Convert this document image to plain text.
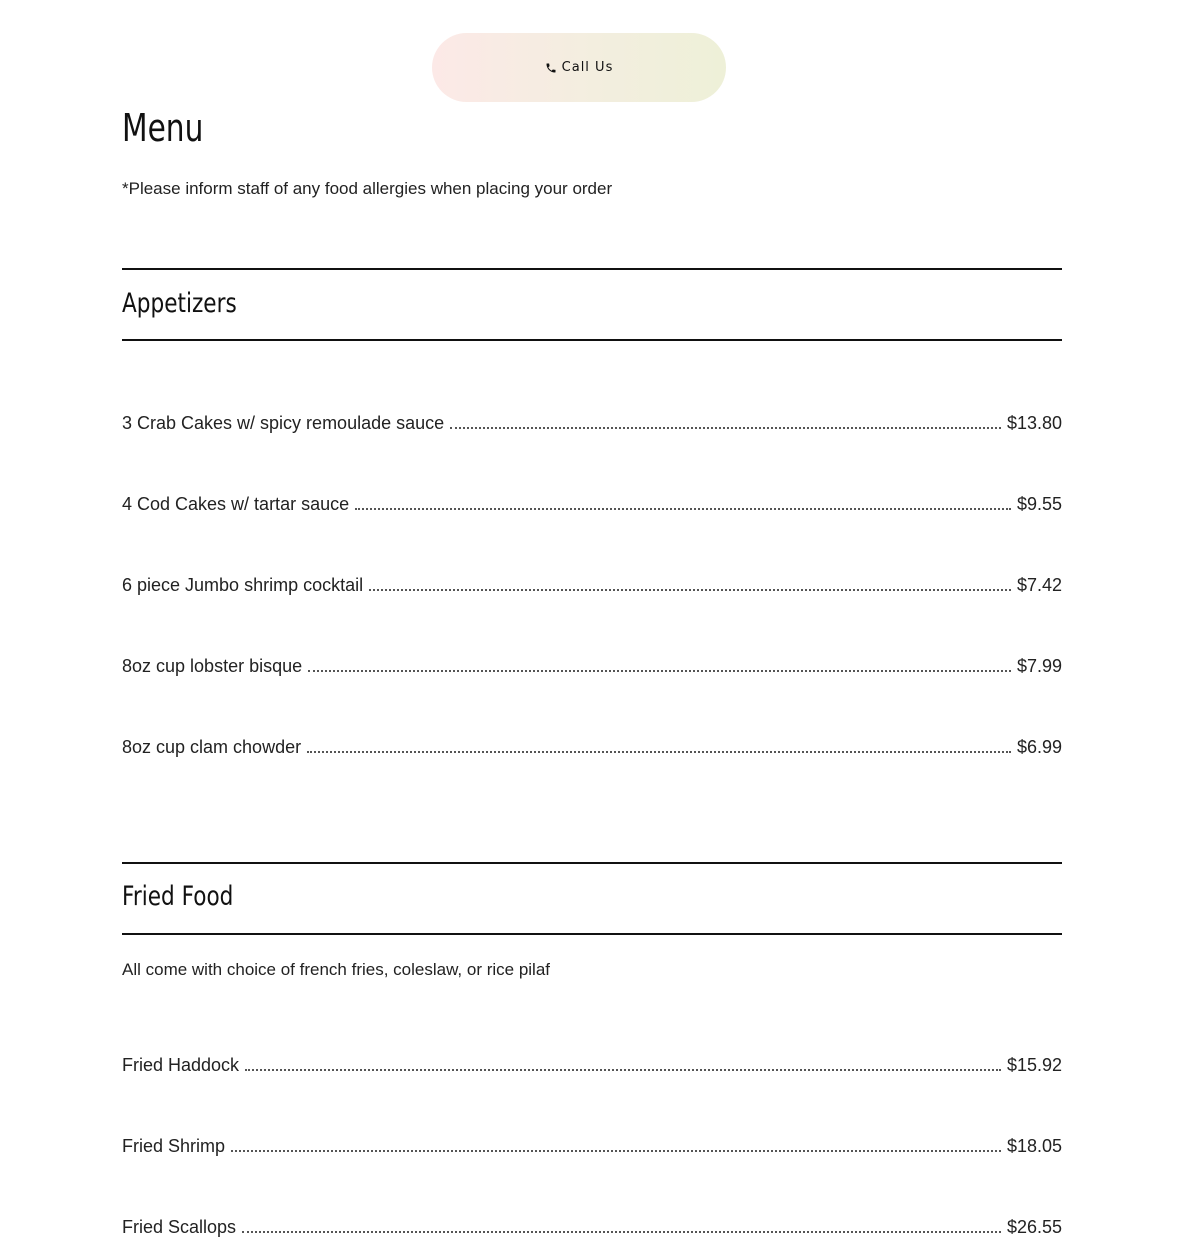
Call Us
Menu
*Please inform staff of any food allergies when placing your order
Appetizers
3 Crab Cakes w/ spicy remoulade sauce	$13.80
4 Cod Cakes w/ tartar sauce	$9.55
6 piece Jumbo shrimp cocktail	$7.42
8oz cup lobster bisque	$7.99
8oz cup clam chowder	$6.99
Fried Food
All come with choice of french fries, coleslaw, or rice pilaf
Fried Haddock	$15.92
Fried Shrimp	$18.05
Fried Scallops	$26.55
